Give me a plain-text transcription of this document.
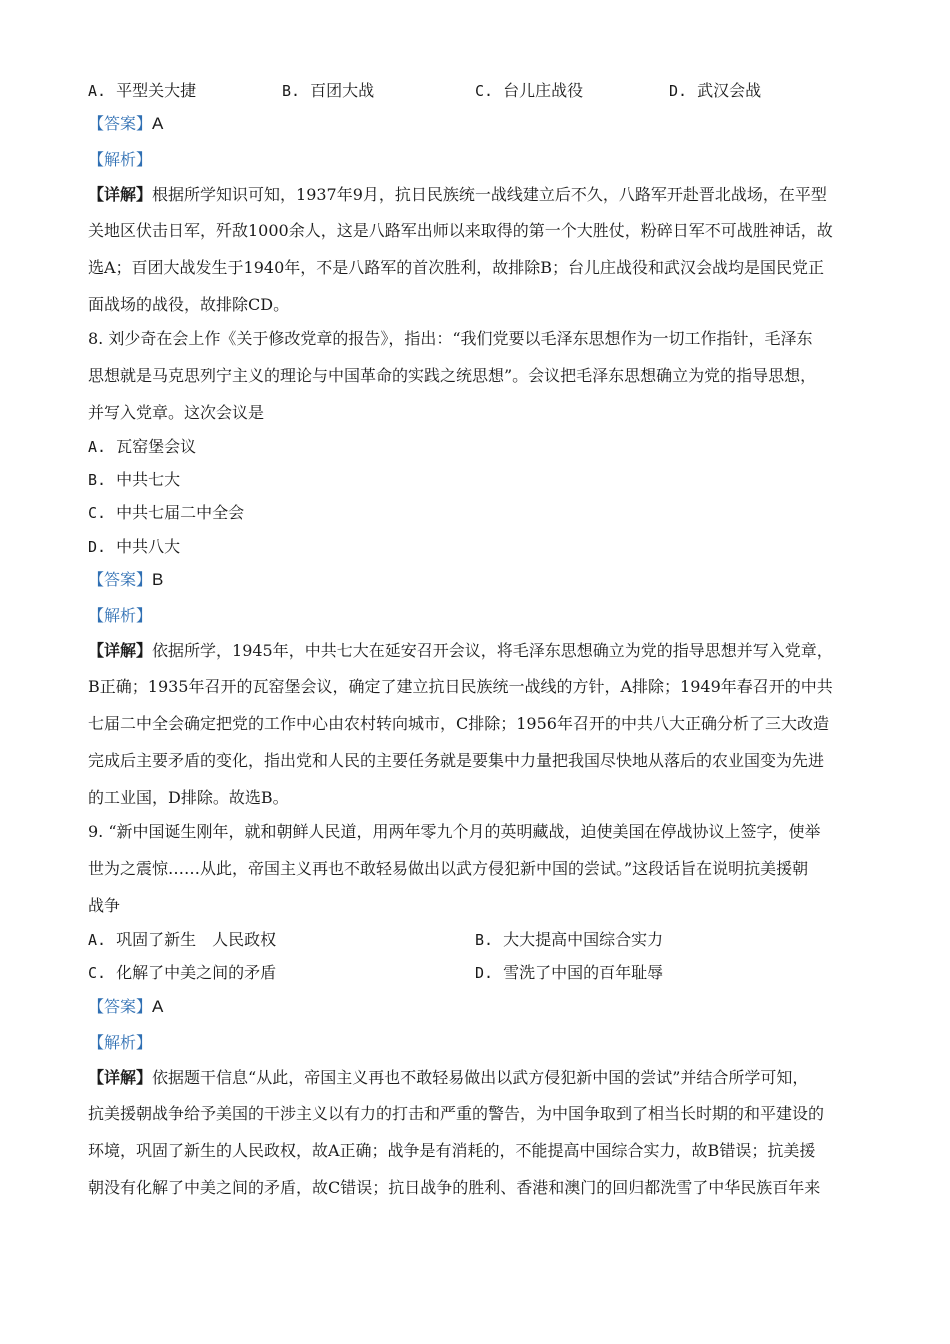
A. 平型关大捷	B. 百团大战	C. 台儿庄战役	D. 武汉会战
【答案】A
【解析】
【详解】根据所学知识可知，1937年9月，抗日民族统一战线建立后不久，八路军开赴晋北战场，在平型
关地区伏击日军，歼敌1000余人，这是八路军出师以来取得的第一个大胜仗，粉碎日军不可战胜神话，故
选A；百团大战发生于1940年，不是八路军的首次胜利，故排除B；台儿庄战役和武汉会战均是国民党正
面战场的战役，故排除CD。
8. 刘少奇在会上作《关于修改党章的报告》，指出：“我们党要以毛泽东思想作为一切工作指针，毛泽东
思想就是马克思列宁主义的理论与中国革命的实践之统思想”。会议把毛泽东思想确立为党的指导思想，
并写入党章。这次会议是
A. 瓦窑堡会议
B. 中共七大
C. 中共七届二中全会
D. 中共八大
【答案】B
【解析】
【详解】依据所学，1945年，中共七大在延安召开会议，将毛泽东思想确立为党的指导思想并写入党章，
B正确；1935年召开的瓦窑堡会议，确定了建立抗日民族统一战线的方针，A排除；1949年春召开的中共
七届二中全会确定把党的工作中心由农村转向城市，C排除；1956年召开的中共八大正确分析了三大改造
完成后主要矛盾的变化，指出党和人民的主要任务就是要集中力量把我国尽快地从落后的农业国变为先进
的工业国，D排除。故选B。
9. “新中国诞生刚年，就和朝鲜人民道，用两年零九个月的英明藏战，迫使美国在停战协议上签字，使举
世为之震惊……从此，帝国主义再也不敢轻易做出以武方侵犯新中国的尝试。”这段话旨在说明抗美援朝
战争
A. 巩固了新生　人民政权	B. 大大提高中国综合实力
C. 化解了中美之间的矛盾	D. 雪洗了中国的百年耻辱
【答案】A
【解析】
【详解】依据题干信息“从此，帝国主义再也不敢轻易做出以武方侵犯新中国的尝试”并结合所学可知，
抗美援朝战争给予美国的干涉主义以有力的打击和严重的警告，为中国争取到了相当长时期的和平建设的
环境，巩固了新生的人民政权，故A正确；战争是有消耗的，不能提高中国综合实力，故B错误；抗美援
朝没有化解了中美之间的矛盾，故C错误；抗日战争的胜利、香港和澳门的回归都洗雪了中华民族百年来
